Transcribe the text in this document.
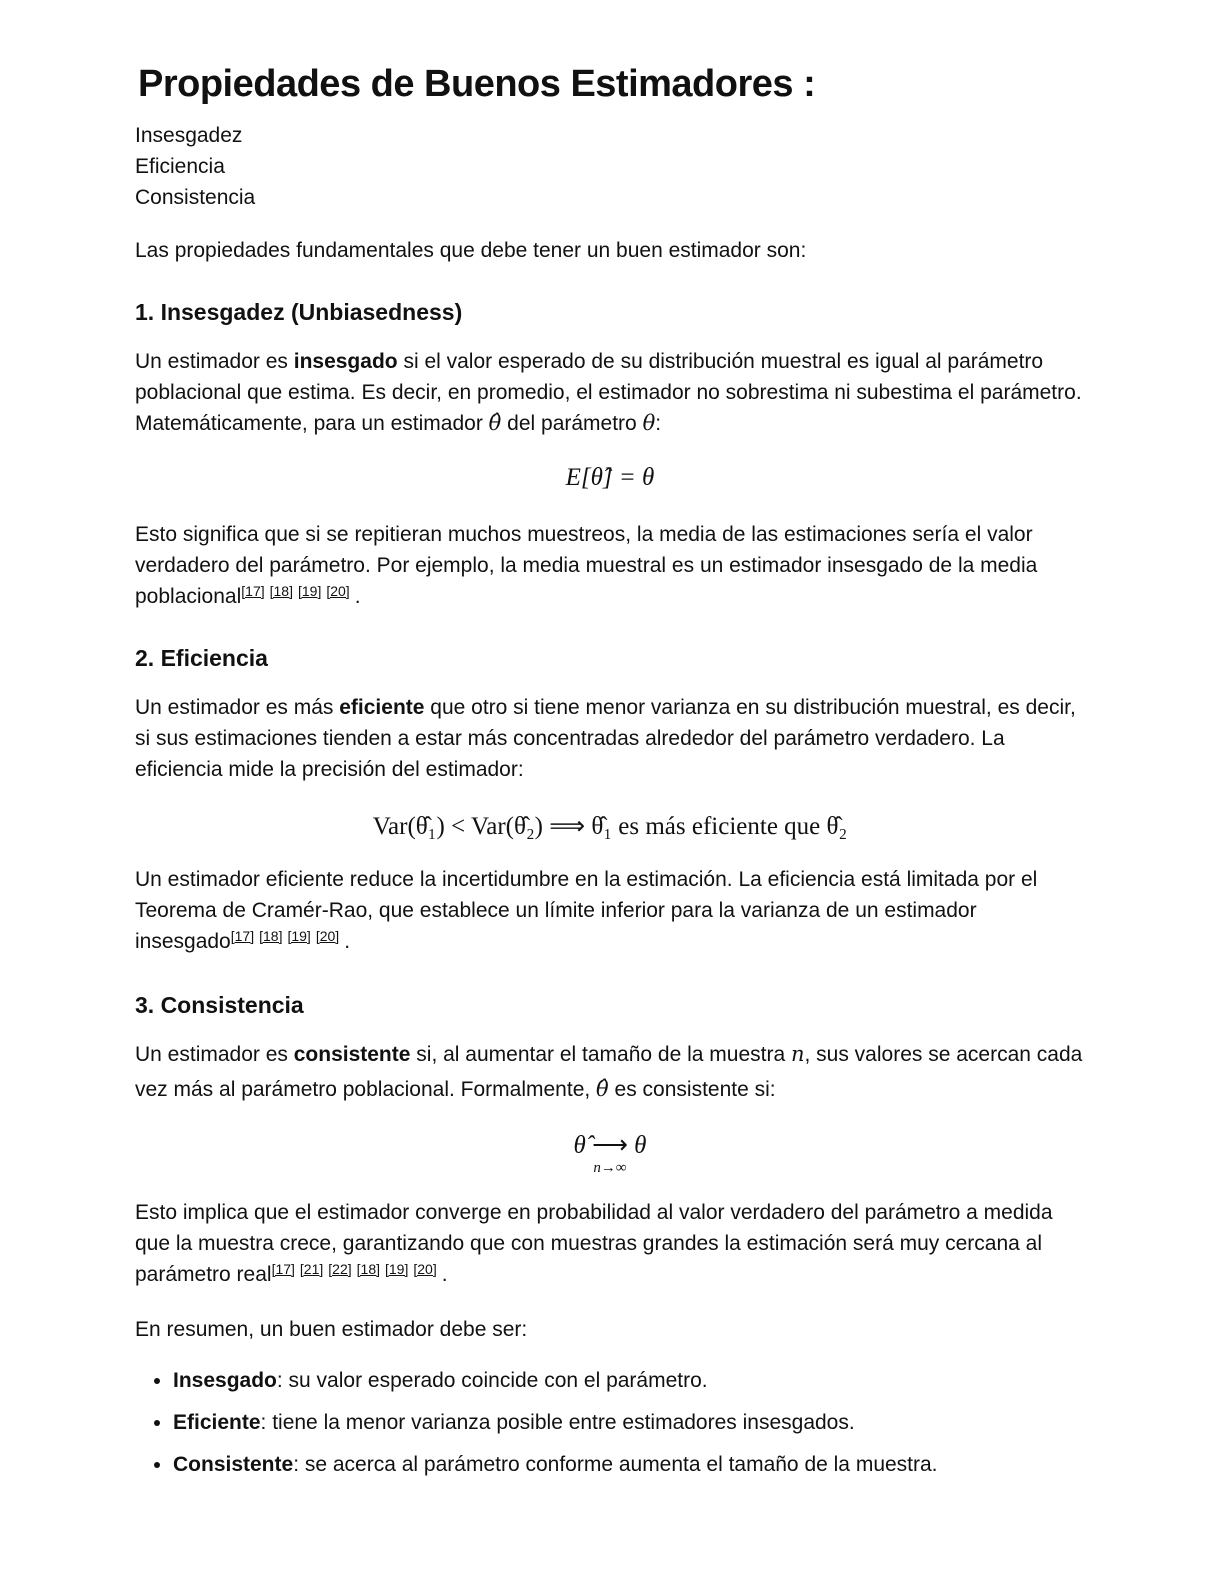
Propiedades de Buenos Estimadores :
Insesgadez
Eficiencia
Consistencia

Las propiedades fundamentales que debe tener un buen estimador son:

1. Insesgadez (Unbiasedness)

Un estimador es insesgado si el valor esperado de su distribución muestral es igual al parámetro poblacional que estima. Es decir, en promedio, el estimador no sobrestima ni subestima el parámetro. Matemáticamente, para un estimador θ̂ del parámetro θ:

E[θ̂] = θ

Esto significa que si se repitieran muchos muestreos, la media de las estimaciones sería el valor verdadero del parámetro. Por ejemplo, la media muestral es un estimador insesgado de la media poblacional[17] [18] [19] [20] .

2. Eficiencia

Un estimador es más eficiente que otro si tiene menor varianza en su distribución muestral, es decir, si sus estimaciones tienden a estar más concentradas alrededor del parámetro verdadero. La eficiencia mide la precisión del estimador:

Var(θ̂₁) < Var(θ̂₂) ⟹ θ̂₁ es más eficiente que θ̂₂

Un estimador eficiente reduce la incertidumbre en la estimación. La eficiencia está limitada por el Teorema de Cramér-Rao, que establece un límite inferior para la varianza de un estimador insesgado[17] [18] [19] [20] .

3. Consistencia

Un estimador es consistente si, al aumentar el tamaño de la muestra n, sus valores se acercan cada vez más al parámetro poblacional. Formalmente, θ̂ es consistente si:

θ̂ ⟶
n→∞
θ

Esto implica que el estimador converge en probabilidad al valor verdadero del parámetro a medida que la muestra crece, garantizando que con muestras grandes la estimación será muy cercana al parámetro real[17] [21] [22] [18] [19] [20] .

En resumen, un buen estimador debe ser:

• Insesgado: su valor esperado coincide con el parámetro.
• Eficiente: tiene la menor varianza posible entre estimadores insesgados.
• Consistente: se acerca al parámetro conforme aumenta el tamaño de la muestra.
